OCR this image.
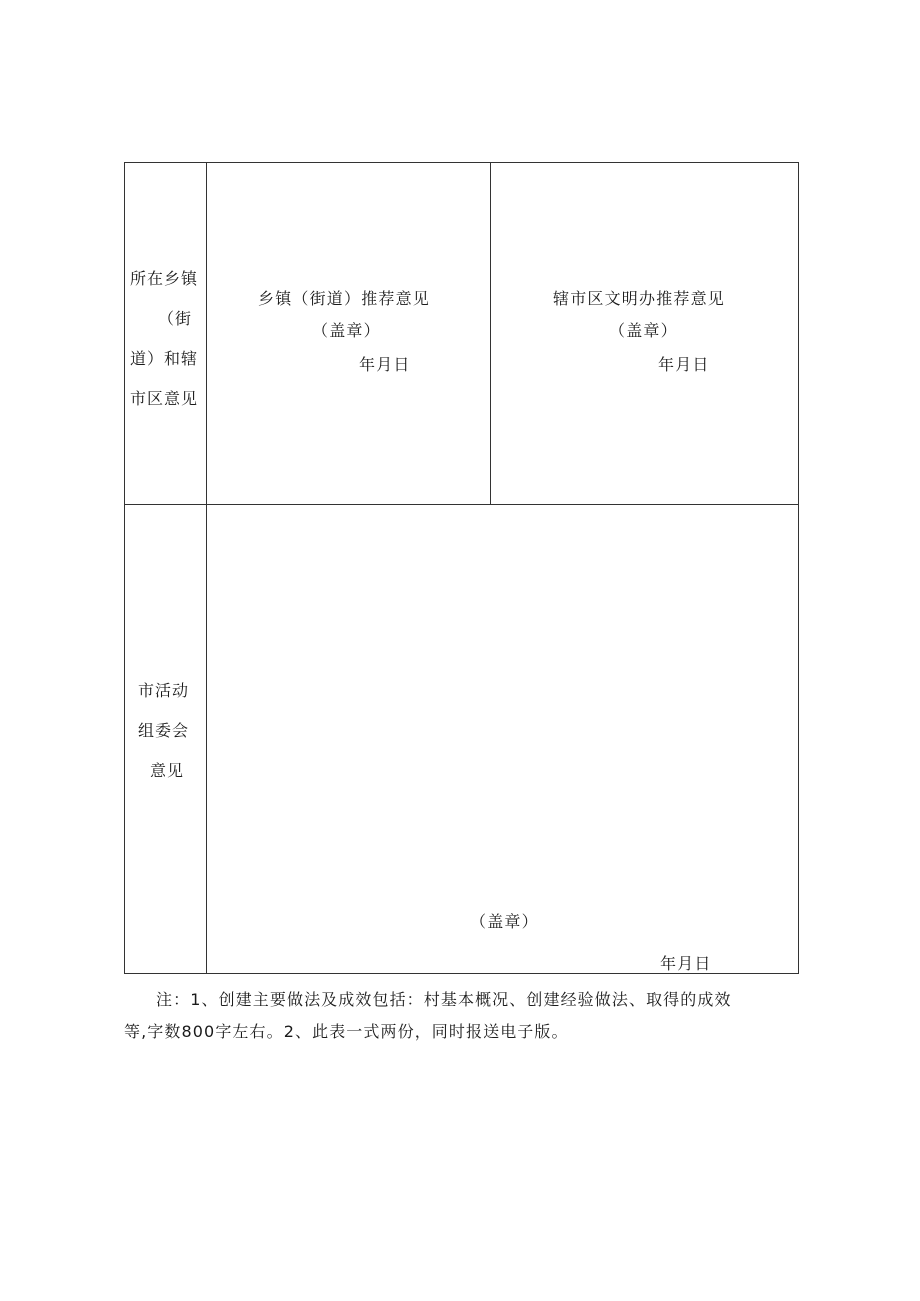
所在乡镇
（街
道）和辖
市区意见
乡镇（街道）推荐意见
（盖章）
年月日
辖市区文明办推荐意见
（盖章）
年月日
市活动
组委会
意见
（盖章）
年月日
注：1、创建主要做法及成效包括：村基本概况、创建经验做法、取得的成效
等,字数800字左右。2、此表一式两份，同时报送电子版。
